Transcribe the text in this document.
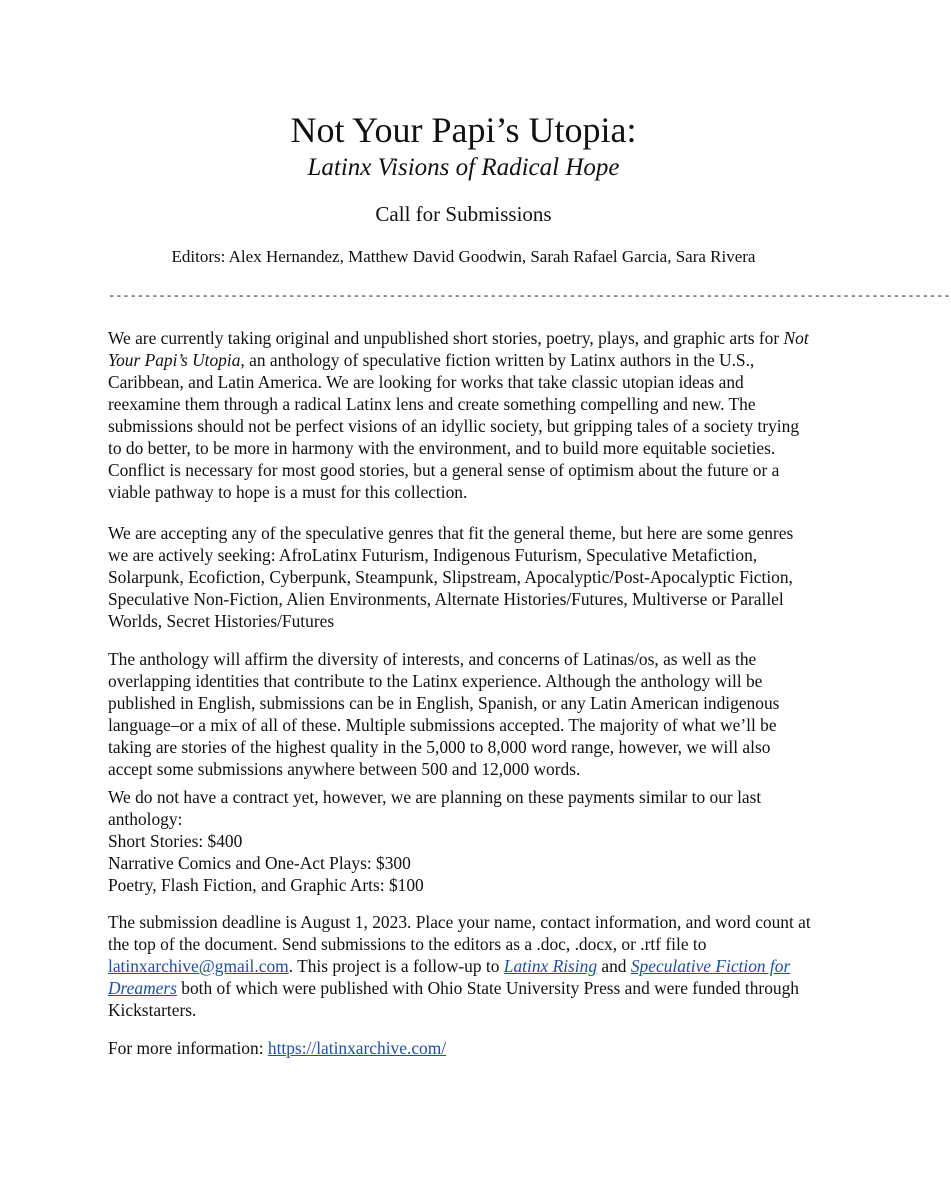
Not Your Papi’s Utopia:
Latinx Visions of Radical Hope
Call for Submissions
Editors: Alex Hernandez, Matthew David Goodwin, Sarah Rafael Garcia, Sara Rivera
---------------------------------------------------------------------------------------------------------------------

We are currently taking original and unpublished short stories, poetry, plays, and graphic arts for Not Your Papi’s Utopia, an anthology of speculative fiction written by Latinx authors in the U.S., Caribbean, and Latin America. We are looking for works that take classic utopian ideas and reexamine them through a radical Latinx lens and create something compelling and new. The submissions should not be perfect visions of an idyllic society, but gripping tales of a society trying to do better, to be more in harmony with the environment, and to build more equitable societies. Conflict is necessary for most good stories, but a general sense of optimism about the future or a viable pathway to hope is a must for this collection.

We are accepting any of the speculative genres that fit the general theme, but here are some genres we are actively seeking: AfroLatinx Futurism, Indigenous Futurism, Speculative Metafiction, Solarpunk, Ecofiction, Cyberpunk, Steampunk, Slipstream, Apocalyptic/Post-Apocalyptic Fiction, Speculative Non-Fiction, Alien Environments, Alternate Histories/Futures, Multiverse or Parallel Worlds, Secret Histories/Futures

The anthology will affirm the diversity of interests, and concerns of Latinas/os, as well as the overlapping identities that contribute to the Latinx experience. Although the anthology will be published in English, submissions can be in English, Spanish, or any Latin American indigenous language–or a mix of all of these. Multiple submissions accepted. The majority of what we’ll be taking are stories of the highest quality in the 5,000 to 8,000 word range, however, we will also accept some submissions anywhere between 500 and 12,000 words.

We do not have a contract yet, however, we are planning on these payments similar to our last anthology:
Short Stories: $400
Narrative Comics and One-Act Plays: $300
Poetry, Flash Fiction, and Graphic Arts: $100

The submission deadline is August 1, 2023. Place your name, contact information, and word count at the top of the document. Send submissions to the editors as a .doc, .docx, or .rtf file to latinxarchive@gmail.com. This project is a follow-up to Latinx Rising and Speculative Fiction for Dreamers both of which were published with Ohio State University Press and were funded through Kickstarters.

For more information: https://latinxarchive.com/
